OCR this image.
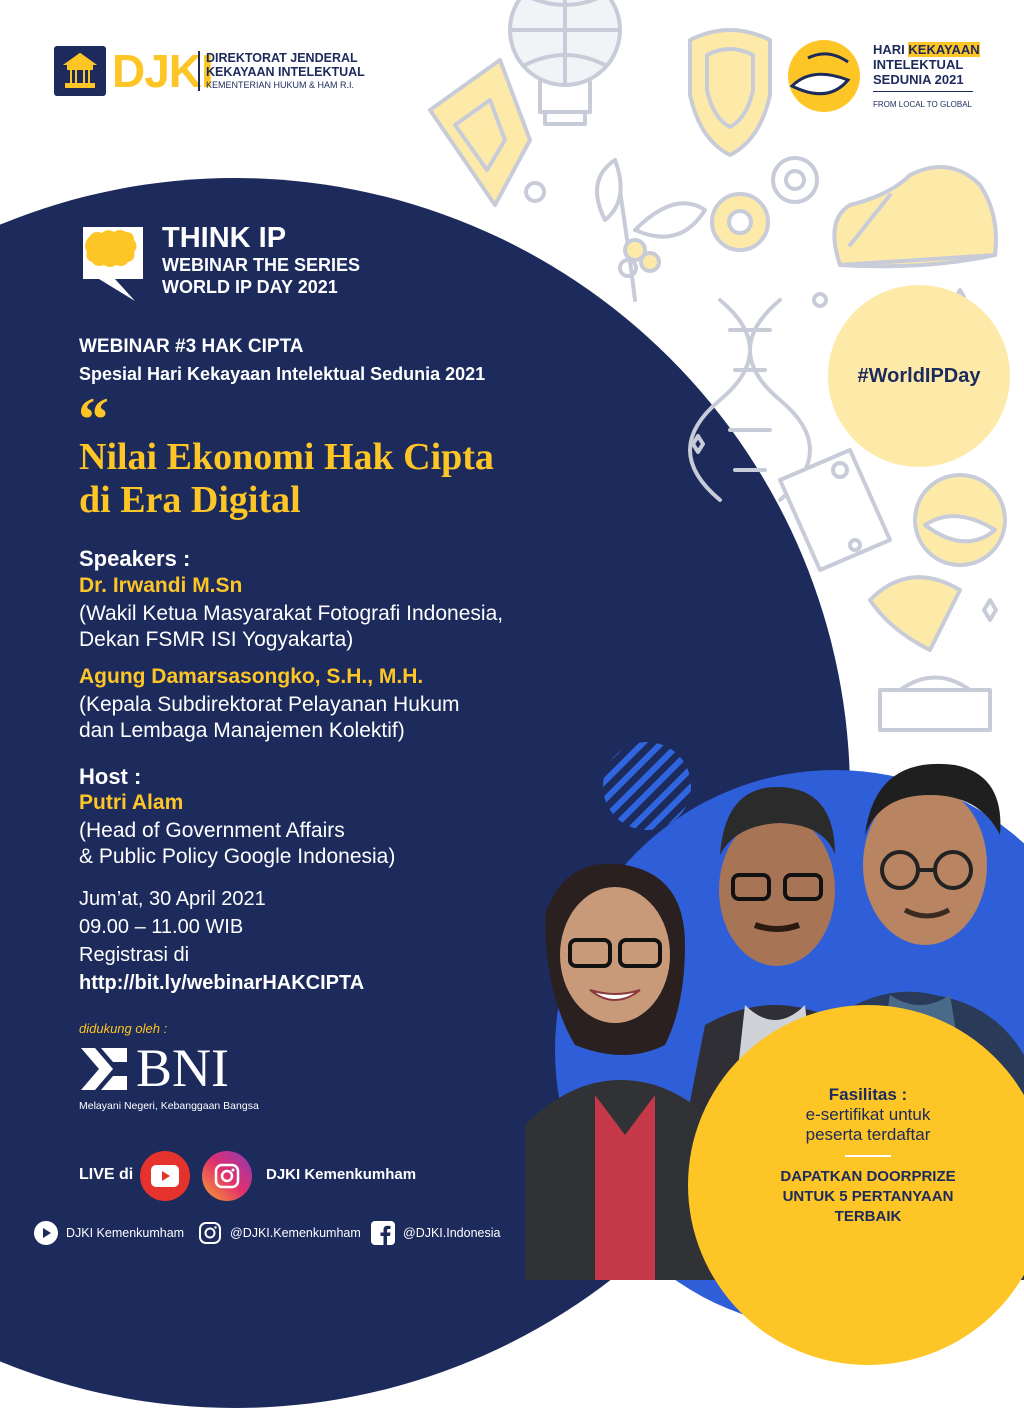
#WorldIPDay
DJKI
DIREKTORAT JENDERAL
KEKAYAAN INTELEKTUAL
KEMENTERIAN HUKUM & HAM R.I.
HARI KEKAYAAN
INTELEKTUAL
SEDUNIA 2021
FROM LOCAL TO GLOBAL
THINK IP
WEBINAR THE SERIES
WORLD IP DAY 2021
WEBINAR #3 HAK CIPTA
Spesial Hari Kekayaan Intelektual Sedunia 2021
“
Nilai Ekonomi Hak Cipta
di Era Digital
Speakers :
Dr. Irwandi M.Sn
(Wakil Ketua Masyarakat Fotografi Indonesia,
Dekan FSMR ISI Yogyakarta)
Agung Damarsasongko, S.H., M.H.
(Kepala Subdirektorat Pelayanan Hukum
dan Lembaga Manajemen Kolektif)
Host :
Putri Alam
(Head of Government Affairs
& Public Policy Google Indonesia)
Jum’at, 30 April 2021
09.00 – 11.00 WIB
Registrasi di
http://bit.ly/webinarHAKCIPTA
didukung oleh :
BNI
Melayani Negeri, Kebanggaan Bangsa
LIVE di	DJKI Kemenkumham
DJKI Kemenkumham	@DJKI.Kemenkumham	@DJKI.Indonesia
Fasilitas :
e-sertifikat untuk
peserta terdaftar
DAPATKAN DOORPRIZE
UNTUK 5 PERTANYAAN
TERBAIK
